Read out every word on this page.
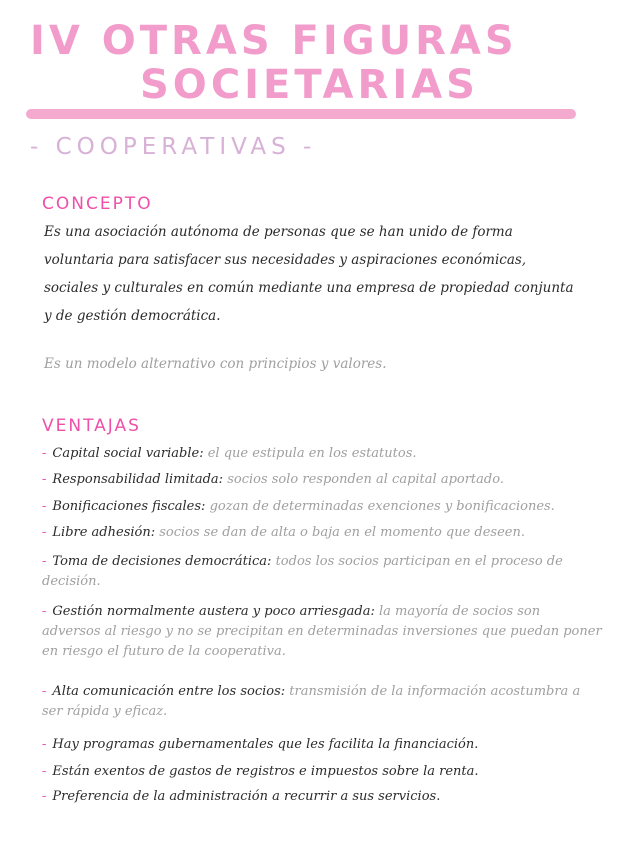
IV OTRAS FIGURAS
SOCIETARIAS
- COOPERATIVAS -
CONCEPTO
Es una asociación autónoma de personas que se han unido de forma voluntaria para satisfacer sus necesidades y aspiraciones económicas, sociales y culturales en común mediante una empresa de propiedad conjunta y de gestión democrática.
Es un modelo alternativo con principios y valores.
VENTAJAS
- Capital social variable: el que estipula en los estatutos.
- Responsabilidad limitada: socios solo responden al capital aportado.
- Bonificaciones fiscales: gozan de determinadas exenciones y bonificaciones.
- Libre adhesión: socios se dan de alta o baja en el momento que deseen.
- Toma de decisiones democrática: todos los socios participan en el proceso de decisión.
- Gestión normalmente austera y poco arriesgada: la mayoría de socios son adversos al riesgo y no se precipitan en determinadas inversiones que puedan poner en riesgo el futuro de la cooperativa.
- Alta comunicación entre los socios: transmisión de la información acostumbra a ser rápida y eficaz.
- Hay programas gubernamentales que les facilita la financiación.
- Están exentos de gastos de registros e impuestos sobre la renta.
- Preferencia de la administración a recurrir a sus servicios.
